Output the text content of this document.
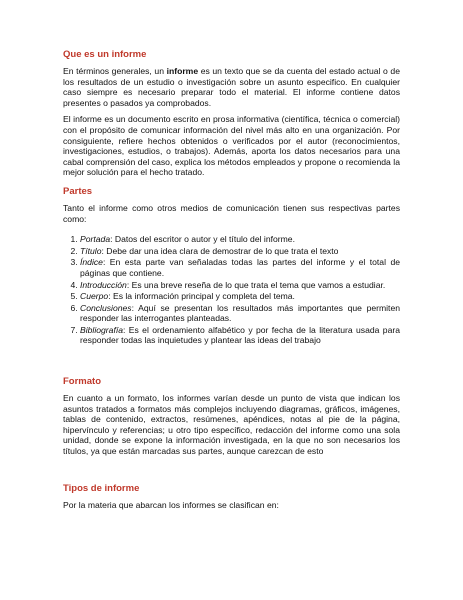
Que es un informe

En términos generales, un informe es un texto que se da cuenta del estado actual o de los resultados de un estudio o investigación sobre un asunto especifico. En cualquier caso siempre es necesario preparar todo el material. El informe contiene datos presentes o pasados ya comprobados.

El informe es un documento escrito en prosa informativa (científica, técnica o comercial) con el propósito de comunicar información del nivel más alto en una organización. Por consiguiente, refiere hechos obtenidos o verificados por el autor (reconocimientos, investigaciones, estudios, o trabajos). Además, aporta los datos necesarios para una cabal comprensión del caso, explica los métodos empleados y propone o recomienda la mejor solución para el hecho tratado.

Partes

Tanto el informe como otros medios de comunicación tienen sus respectivas partes como:

1. Portada: Datos del escritor o autor y el título del informe.
2. Título: Debe dar una idea clara de demostrar de lo que trata el texto
3. Índice: En esta parte van señaladas todas las partes del informe y el total de páginas que contiene.
4. Introducción: Es una breve reseña de lo que trata el tema que vamos a estudiar.
5. Cuerpo: Es la información principal y completa del tema.
6. Conclusiones: Aquí se presentan los resultados más importantes que permiten responder las interrogantes planteadas.
7. Bibliografía: Es el ordenamiento alfabético y por fecha de la literatura usada para responder todas las inquietudes y plantear las ideas del trabajo
Formato

En cuanto a un formato, los informes varían desde un punto de vista que indican los asuntos tratados a formatos más complejos incluyendo diagramas, gráficos, imágenes, tablas de contenido, extractos, resúmenes, apéndices, notas al pie de la página, hipervínculo y referencias; u otro tipo específico, redacción del informe como una sola unidad, donde se expone la información investigada, en la que no son necesarios los títulos, ya que están marcadas sus partes, aunque carezcan de esto

Tipos de informe

Por la materia que abarcan los informes se clasifican en:
